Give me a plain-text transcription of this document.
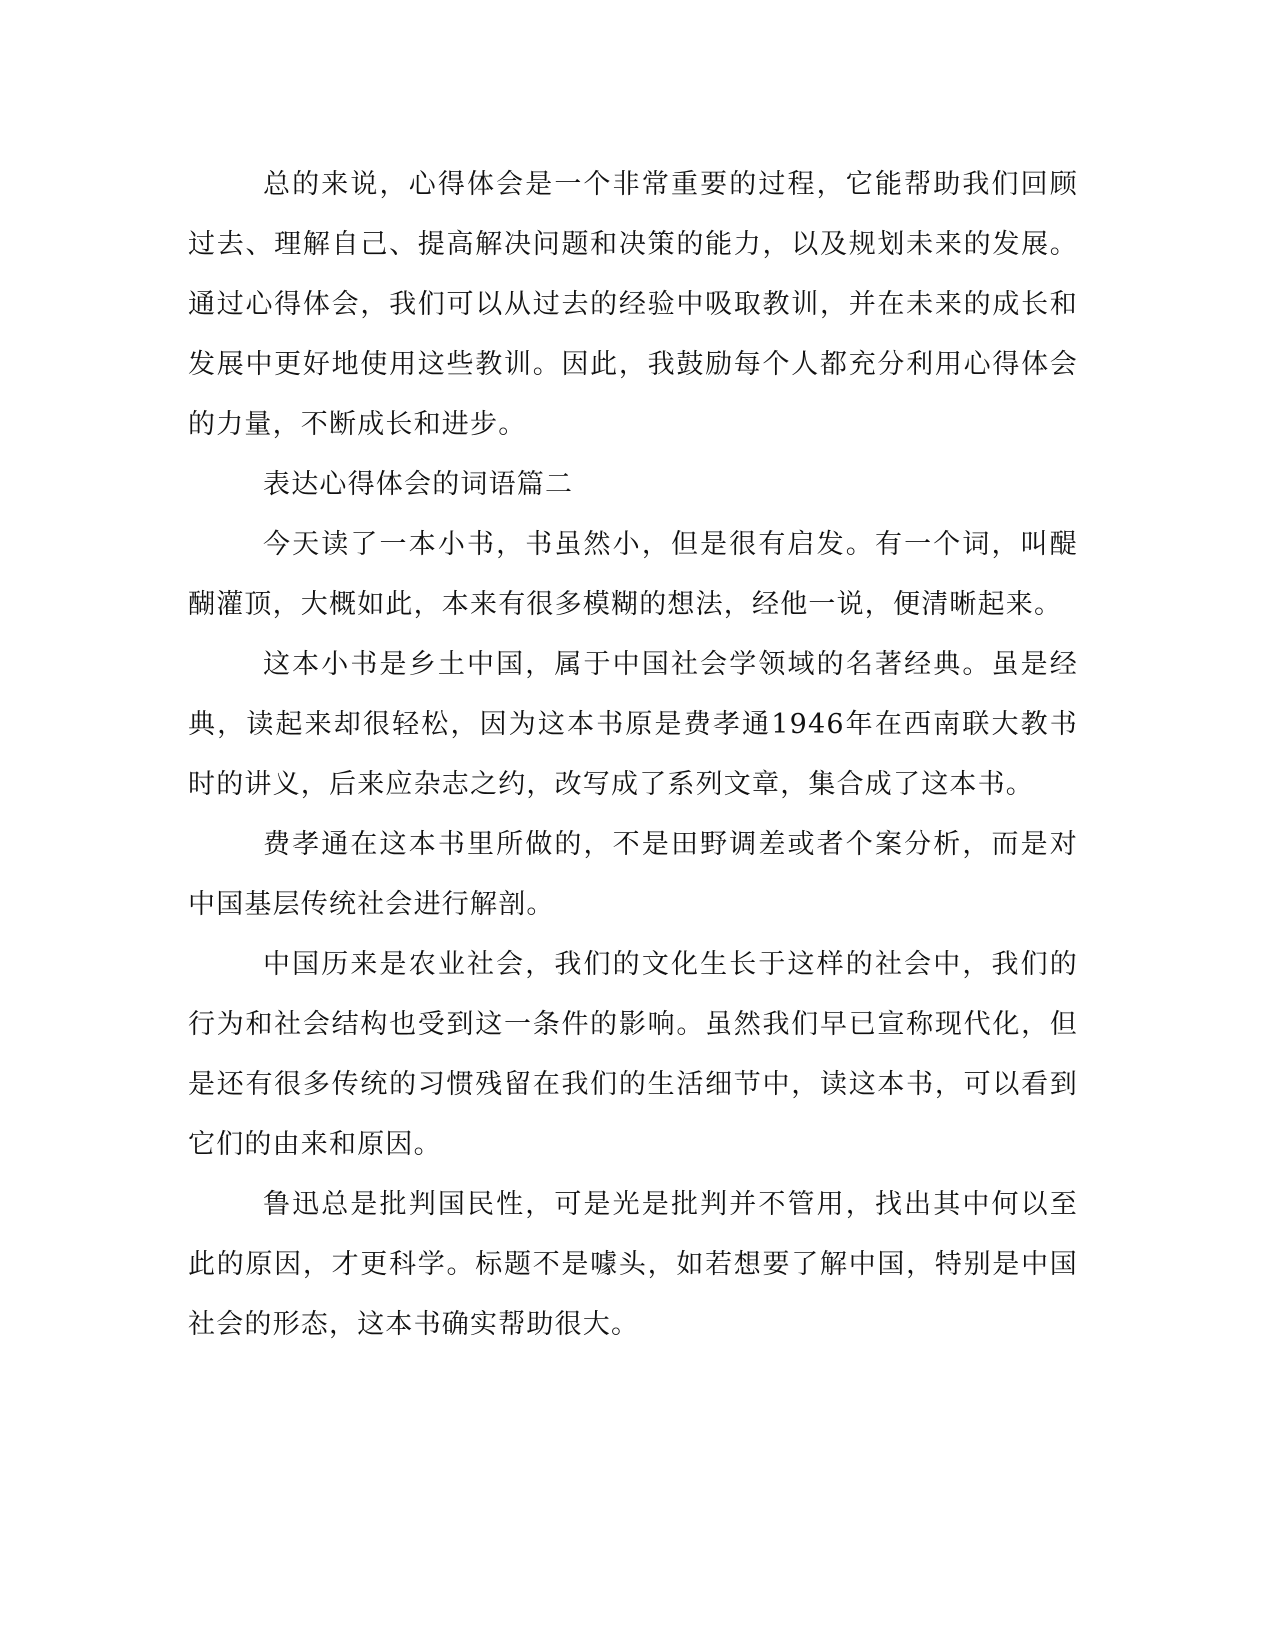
总的来说，心得体会是一个非常重要的过程，它能帮助我们回顾过去、理解自己、提高解决问题和决策的能力，以及规划未来的发展。通过心得体会，我们可以从过去的经验中吸取教训，并在未来的成长和发展中更好地使用这些教训。因此，我鼓励每个人都充分利用心得体会的力量，不断成长和进步。

表达心得体会的词语篇二

今天读了一本小书，书虽然小，但是很有启发。有一个词，叫醍醐灌顶，大概如此，本来有很多模糊的想法，经他一说，便清晰起来。

这本小书是乡土中国，属于中国社会学领域的名著经典。虽是经典，读起来却很轻松，因为这本书原是费孝通1946年在西南联大教书时的讲义，后来应杂志之约，改写成了系列文章，集合成了这本书。

费孝通在这本书里所做的，不是田野调差或者个案分析，而是对中国基层传统社会进行解剖。

中国历来是农业社会，我们的文化生长于这样的社会中，我们的行为和社会结构也受到这一条件的影响。虽然我们早已宣称现代化，但是还有很多传统的习惯残留在我们的生活细节中，读这本书，可以看到它们的由来和原因。

鲁迅总是批判国民性，可是光是批判并不管用，找出其中何以至此的原因，才更科学。标题不是噱头，如若想要了解中国，特别是中国社会的形态，这本书确实帮助很大。
